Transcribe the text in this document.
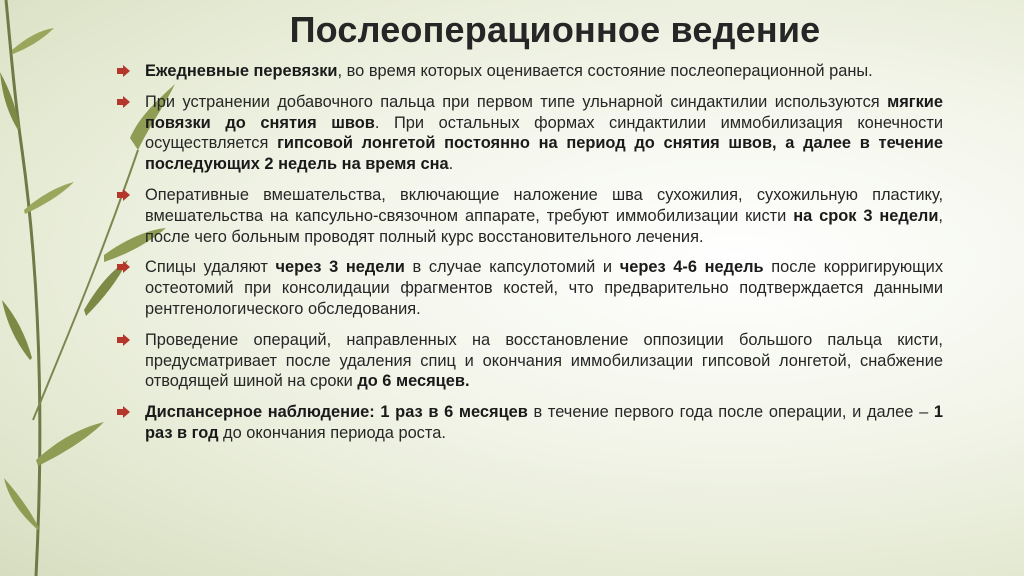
Послеоперационное ведение

Ежедневные перевязки, во время которых оценивается состояние послеоперационной раны.

При устранении добавочного пальца при первом типе ульнарной синдактилии используются мягкие повязки до снятия швов. При остальных формах синдактилии иммобилизация конечности осуществляется гипсовой лонгетой постоянно на период до снятия швов, а далее в течение последующих 2 недель на время сна.

Оперативные вмешательства, включающие наложение шва сухожилия, сухожильную пластику, вмешательства на капсульно-связочном аппарате, требуют иммобилизации кисти на срок 3 недели, после чего больным проводят полный курс восстановительного лечения.

Спицы удаляют через 3 недели в случае капсулотомий и через 4-6 недель после корригирующих остеотомий при консолидации фрагментов костей, что предварительно подтверждается данными рентгенологического обследования.

Проведение операций, направленных на восстановление оппозиции большого пальца кисти, предусматривает после удаления спиц и окончания иммобилизации гипсовой лонгетой, снабжение отводящей шиной на сроки до 6 месяцев.

Диспансерное наблюдение: 1 раз в 6 месяцев в течение первого года после операции, и далее – 1 раз в год до окончания периода роста.
